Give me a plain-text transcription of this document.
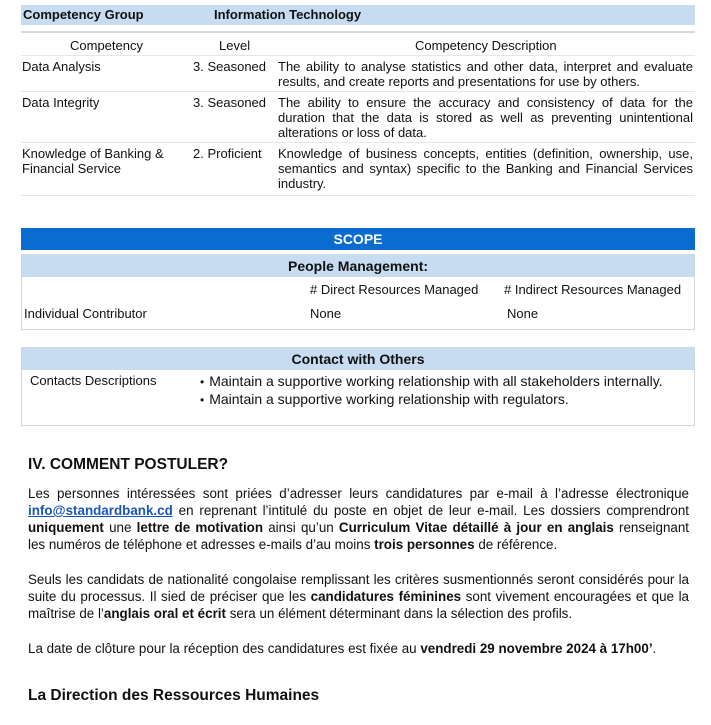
Competency Group	Information Technology
Competency	Level	Competency Description
Data Analysis	3. Seasoned The ability to analyse statistics and other data, interpret and evaluate results, and create reports and presentations for use by others.
Data Integrity	3. Seasoned The ability to ensure the accuracy and consistency of data for the duration that the data is stored as well as preventing unintentional alterations or loss of data.
Knowledge of Banking & Financial Service
2. Proficient	Knowledge of business concepts, entities (definition, ownership, use, semantics and syntax) specific to the Banking and Financial Services industry.
SCOPE
People Management:
# Direct Resources Managed # Indirect Resources Managed
Individual Contributor	None	None
Contact with Others
Contacts Descriptions
•	Maintain a supportive working relationship with all stakeholders internally.
• Maintain a supportive working relationship with regulators.
IV. COMMENT POSTULER?
Les personnes intéressées sont priées d’adresser leurs candidatures par e-mail à l’adresse électronique info@standardbank.cd en reprenant l’intitulé du poste en objet de leur e-mail. Les dossiers comprendront uniquement une lettre de motivation ainsi qu’un Curriculum Vitae détaillé à jour en anglais renseignant les numéros de téléphone et adresses e-mails d’au moins trois personnes de référence.
Seuls les candidats de nationalité congolaise remplissant les critères susmentionnés seront considérés pour la suite du processus. Il sied de préciser que les candidatures féminines sont vivement encouragées et que la maîtrise de l’anglais oral et écrit sera un élément déterminant dans la sélection des profils.
La date de clôture pour la réception des candidatures est fixée au vendredi 29 novembre 2024 à 17h00’.
La Direction des Ressources Humaines
